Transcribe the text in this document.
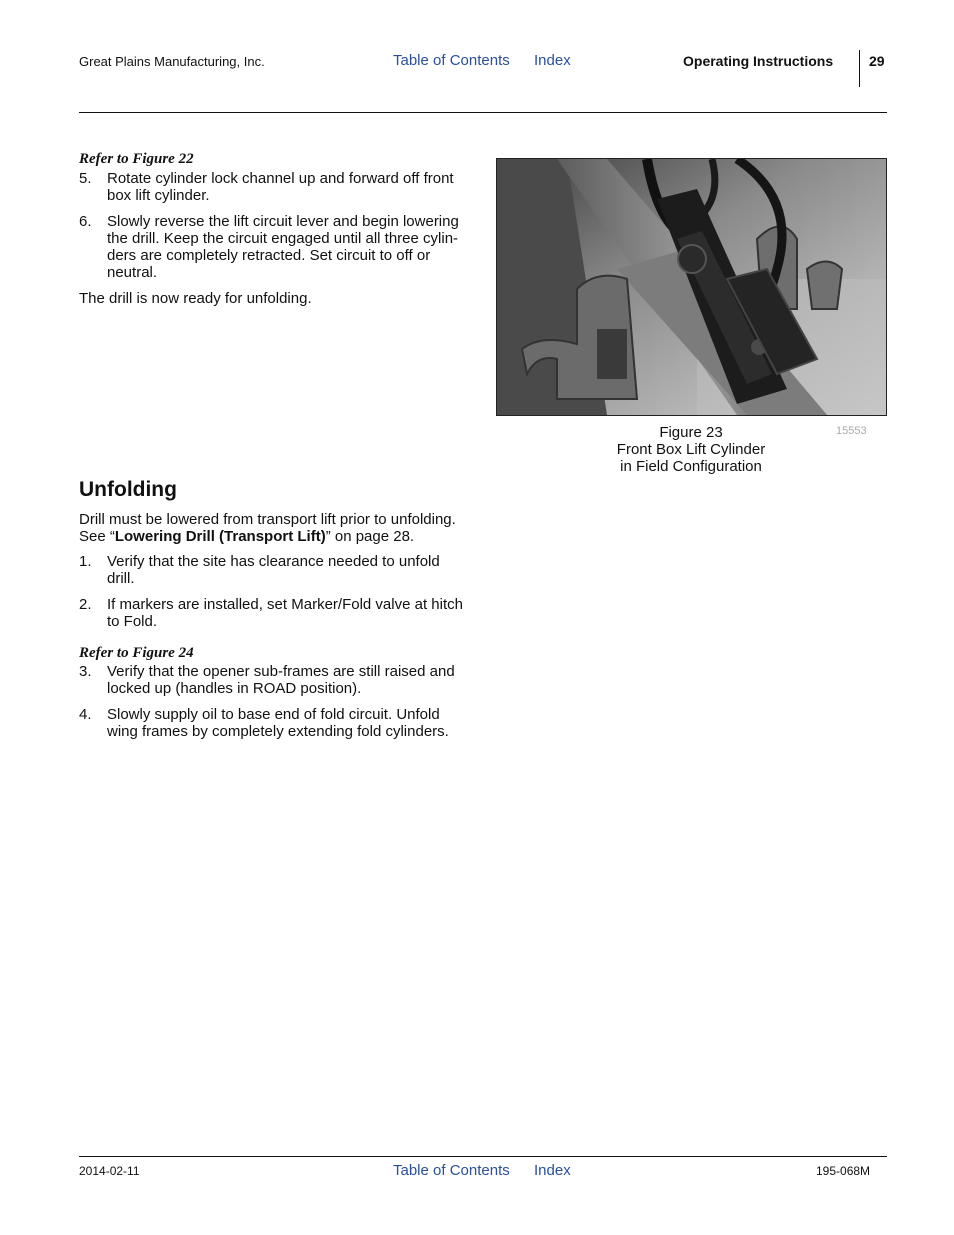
Great Plains Manufacturing, Inc.	Table of Contents Index	Operating Instructions	29
Refer to Figure 22
5. Rotate cylinder lock channel up and forward off front box lift cylinder.
6. Slowly reverse the lift circuit lever and begin lowering the drill. Keep the circuit engaged until all three cylin-ders are completely retracted. Set circuit to off or neutral.
The drill is now ready for unfolding.
Unfolding
Drill must be lowered from transport lift prior to unfolding. See “Lowering Drill (Transport Lift)” on page 28.
1. Verify that the site has clearance needed to unfold drill.
2. If markers are installed, set Marker/Fold valve at hitch to Fold.
Refer to Figure 24
3. Verify that the opener sub-frames are still raised and locked up (handles in ROAD position).
4. Slowly supply oil to base end of fold circuit. Unfold wing frames by completely extending fold cylinders.
Figure 23
Front Box Lift Cylinder
in Field Configuration
15553
2014-02-11	Table of Contents Index	195-068M
